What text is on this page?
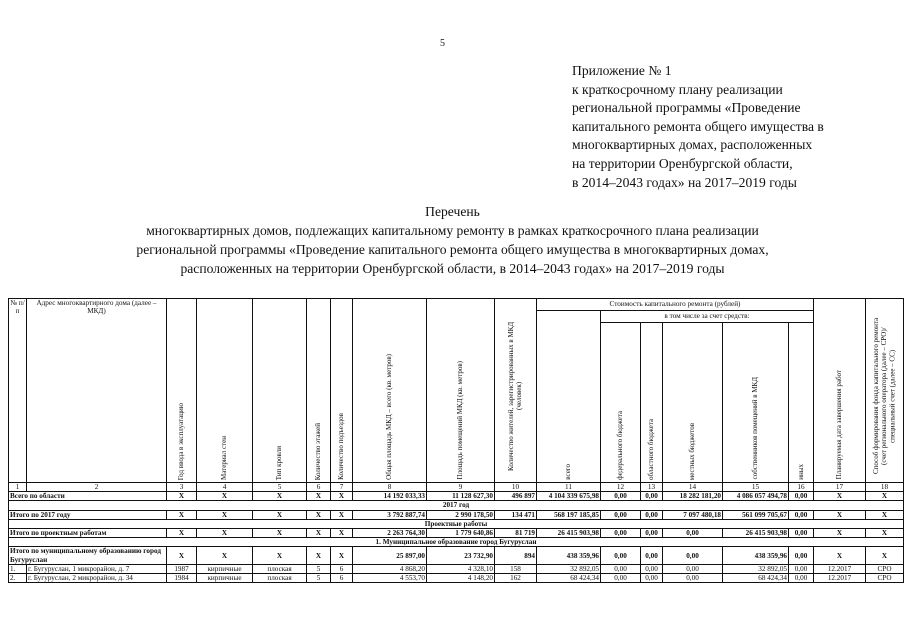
5
Приложение № 1
к краткосрочному плану реализации
региональной программы «Проведение
капитального ремонта общего имущества в
многоквартирных домах, расположенных
на территории Оренбургской области,
в 2014–2043 годах» на 2017–2019 годы
Перечень
многоквартирных домов, подлежащих капитальному ремонту в рамках краткосрочного плана реализации
региональной программы «Проведение капитального ремонта общего имущества в многоквартирных домах,
расположенных на территории Оренбургской области, в 2014–2043 годах» на 2017–2019 годы
№ п/п	Адрес многоквартирного дома (далее – МКД)	Год ввода в эксплуатацию	Материал стен	Тип кровли	Количество этажей	Количество подъездов	Общая площадь МКД – всего (кв. метров)	Площадь помещений МКД (кв. метров)	Количество жителей, зарегистрированных в МКД (человек)	Стоимость капитального ремонта (рублей)						Планируемая дата завершения работ	Способ формирования фонда капитального ремонта (счет регионального оператора (далее – СРО)/специальный счет (далее – СС)
										всего	в том числе за счет средств:						
											федерального бюджета	областного бюджета	местных бюджетов	собственников помещений в МКД	иных		
1	2	3	4	5	6	7	8	9	10	11	12	13	14	15	16	17	18
Всего по области		Х	Х	Х	Х	Х	14 192 033,33	11 128 627,30	496 897	4 104 339 675,98	0,00	0,00	18 282 181,20	4 086 057 494,78	0,00	Х	Х
2017 год																	
Итого по 2017 году		Х	Х	Х	Х	Х	3 792 887,74	2 990 178,50	134 471	568 197 185,85	0,00	0,00	7 097 480,18	561 099 705,67	0,00	Х	Х
Проектные работы																	
Итого по проектным работам		Х	Х	Х	Х	Х	2 263 764,30	1 779 640,86	81 719	26 415 903,98	0,00	0,00	0,00	26 415 903,98	0,00	Х	Х
1. Муниципальное образование город Бугуруслан																	
Итого по муниципальному образованию город Бугуруслан		Х	Х	Х	Х	Х	25 897,00	23 732,90	894	438 359,96	0,00	0,00	0,00	438 359,96	0,00	Х	Х
1.	г. Бугуруслан, 1 микрорайон, д. 7	1987	кирпичные	плоская	5	6	4 868,20	4 328,10	158	32 892,05	0,00	0,00	0,00	32 892,05	0,00	12.2017	СРО
2.	г. Бугуруслан, 2 микрорайон, д. 34	1984	кирпичные	плоская	5	6	4 553,70	4 148,20	162	68 424,34	0,00	0,00	0,00	68 424,34	0,00	12.2017	СРО
